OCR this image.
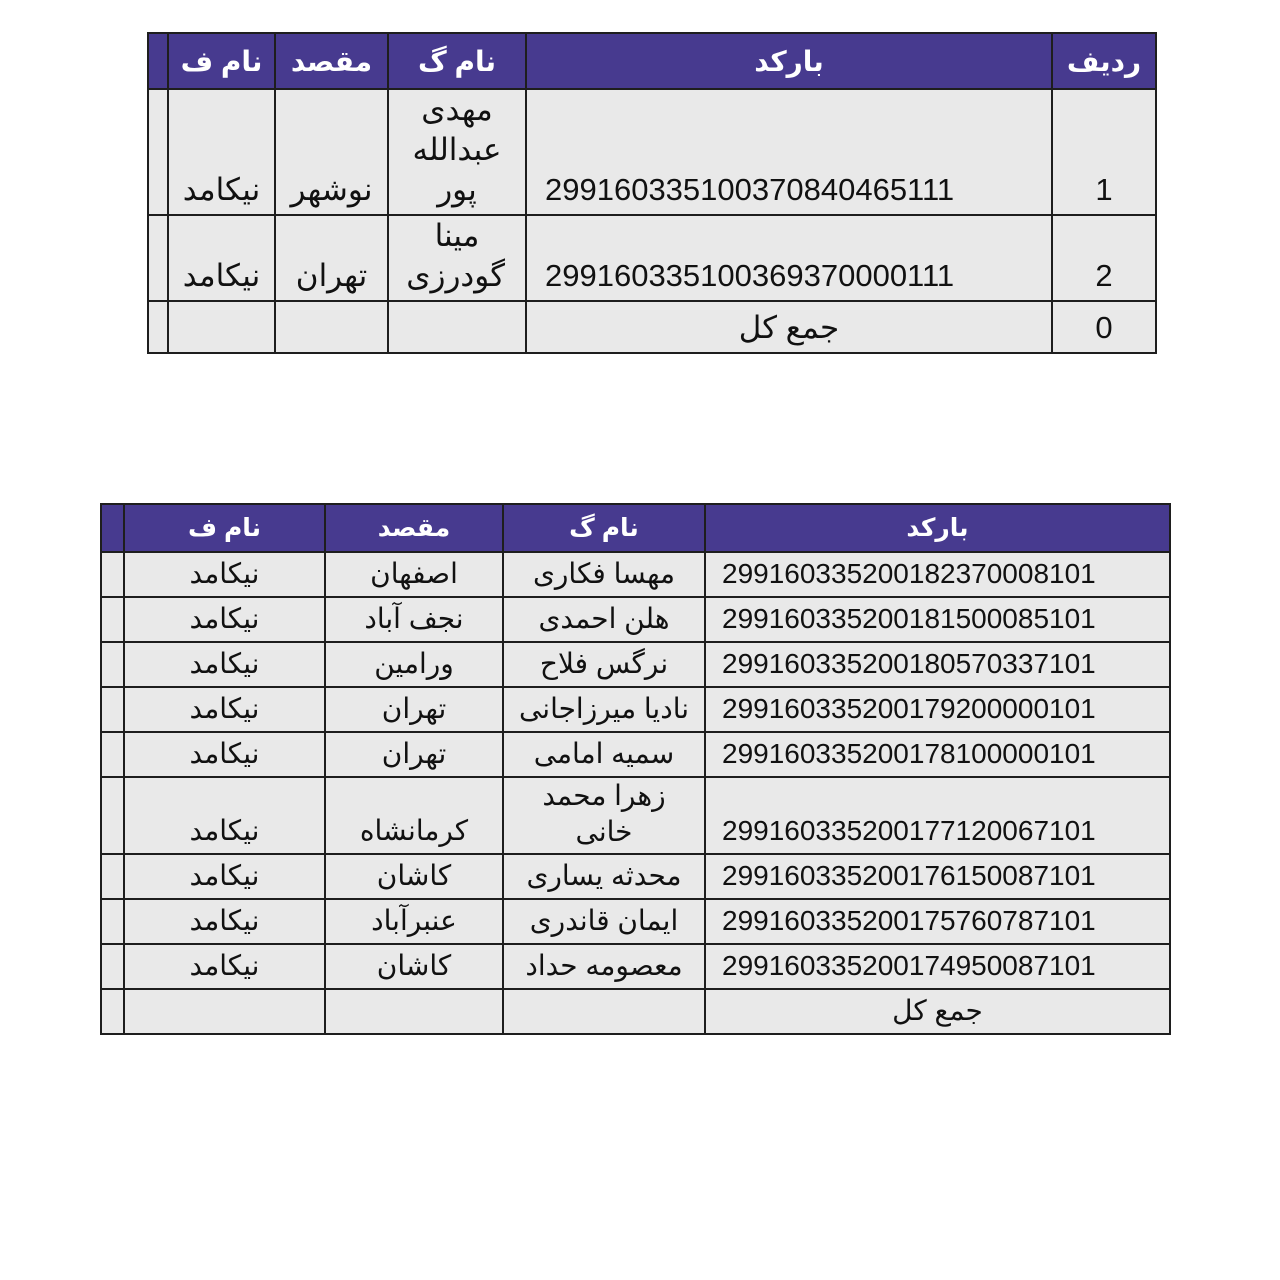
	نام ف	مقصد	نام گ	بارکد	ردیف
	نیکامد	نوشهر	مهدی عبدالله پور	29916033510037084046511​1	1
	نیکامد	تهران	مینا گودرزی	2991603351003693700001​11	2
				جمع کل	0
	نام ف	مقصد	نام گ	بارکد
	نیکامد	اصفهان	مهسا فکاری	29916033520018237000810​1
	نیکامد	نجف آباد	هلن احمدی	2991603352001815000851​01
	نیکامد	ورامین	نرگس فلاح	29916033520018057033710​1
	نیکامد	تهران	نادیا میرزاجانی	29916033520017920000010​1
	نیکامد	تهران	سمیه امامی	29916033520017810000010​1
	نیکامد	کرمانشاه	زهرا محمد خانی	29916033520017712006710​1
	نیکامد	کاشان	محدثه یساری	29916033520017615008710​1
	نیکامد	عنبرآباد	ایمان قاندری	29916033520017576078710​1
	نیکامد	کاشان	معصومه حداد	29916033520017495008710​1
				جمع کل
